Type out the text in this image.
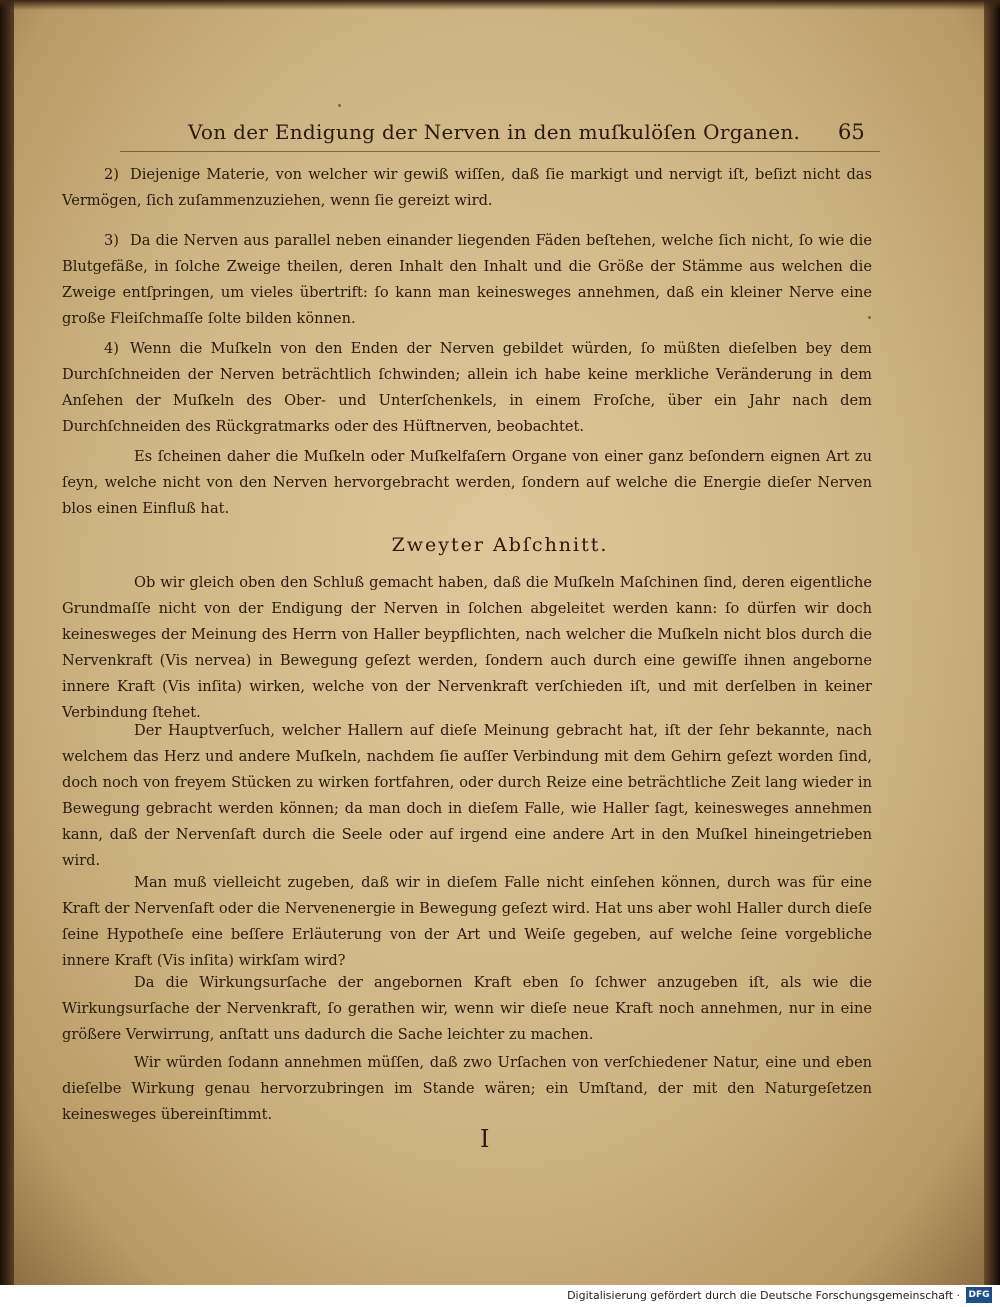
Von der Endigung der Nerven in den muſkulöſen Organen. 65

2) Diejenige Materie, von welcher wir gewiß wiſſen, daß ſie markigt und nervigt iſt, beſizt nicht das Vermögen, ſich zuſammenzuziehen, wenn ſie gereizt wird.

3) Da die Nerven aus parallel neben einander liegenden Fäden beſtehen, welche ſich nicht, ſo wie die Blutgefäße, in ſolche Zweige theilen, deren Inhalt den Inhalt und die Größe der Stämme aus welchen die Zweige entſpringen, um vieles übertrift: ſo kann man keinesweges annehmen, daß ein kleiner Nerve eine große Fleiſchmaſſe ſolte bilden können.

4) Wenn die Muſkeln von den Enden der Nerven gebildet würden, ſo müßten dieſelben bey dem Durchſchneiden der Nerven beträchtlich ſchwinden; allein ich habe keine merkliche Veränderung in dem Anſehen der Muſkeln des Ober- und Unterſchenkels, in einem Froſche, über ein Jahr nach dem Durchſchneiden des Rückgratmarks oder des Hüftnerven, beobachtet.

Es ſcheinen daher die Muſkeln oder Muſkelfaſern Organe von einer ganz beſondern eignen Art zu ſeyn, welche nicht von den Nerven hervorgebracht werden, ſondern auf welche die Energie dieſer Nerven blos einen Einfluß hat.

Zweyter Abſchnitt.

Ob wir gleich oben den Schluß gemacht haben, daß die Muſkeln Maſchinen ſind, deren eigentliche Grundmaſſe nicht von der Endigung der Nerven in ſolchen abgeleitet werden kann: ſo dürfen wir doch keinesweges der Meinung des Herrn von Haller beypflichten, nach welcher die Muſkeln nicht blos durch die Nervenkraft (Vis nervea) in Bewegung geſezt werden, ſondern auch durch eine gewiſſe ihnen angeborne innere Kraft (Vis inſita) wirken, welche von der Nervenkraft verſchieden iſt, und mit derſelben in keiner Verbindung ſtehet.

Der Hauptverſuch, welcher Hallern auf dieſe Meinung gebracht hat, iſt der ſehr bekannte, nach welchem das Herz und andere Muſkeln, nachdem ſie auſſer Verbindung mit dem Gehirn geſezt worden ſind, doch noch von freyem Stücken zu wirken fortfahren, oder durch Reize eine beträchtliche Zeit lang wieder in Bewegung gebracht werden können; da man doch in dieſem Falle, wie Haller ſagt, keinesweges annehmen kann, daß der Nervenſaft durch die Seele oder auf irgend eine andere Art in den Muſkel hineingetrieben wird.

Man muß vielleicht zugeben, daß wir in dieſem Falle nicht einſehen können, durch was für eine Kraft der Nervenſaft oder die Nervenenergie in Bewegung geſezt wird. Hat uns aber wohl Haller durch dieſe ſeine Hypotheſe eine beſſere Erläuterung von der Art und Weiſe gegeben, auf welche ſeine vorgebliche innere Kraft (Vis inſita) wirkſam wird?

Da die Wirkungsurſache der angebornen Kraft eben ſo ſchwer anzugeben iſt, als wie die Wirkungsurſache der Nervenkraft, ſo gerathen wir, wenn wir dieſe neue Kraft noch annehmen, nur in eine größere Verwirrung, anſtatt uns dadurch die Sache leichter zu machen.

Wir würden ſodann annehmen müſſen, daß zwo Urſachen von verſchiedener Natur, eine und eben dieſelbe Wirkung genau hervorzubringen im Stande wären; ein Umſtand, der mit den Naturgeſetzen keinesweges übereinſtimmt.

I
Digitalisierung gefördert durch die Deutsche Forschungsgemeinschaft · DFG
